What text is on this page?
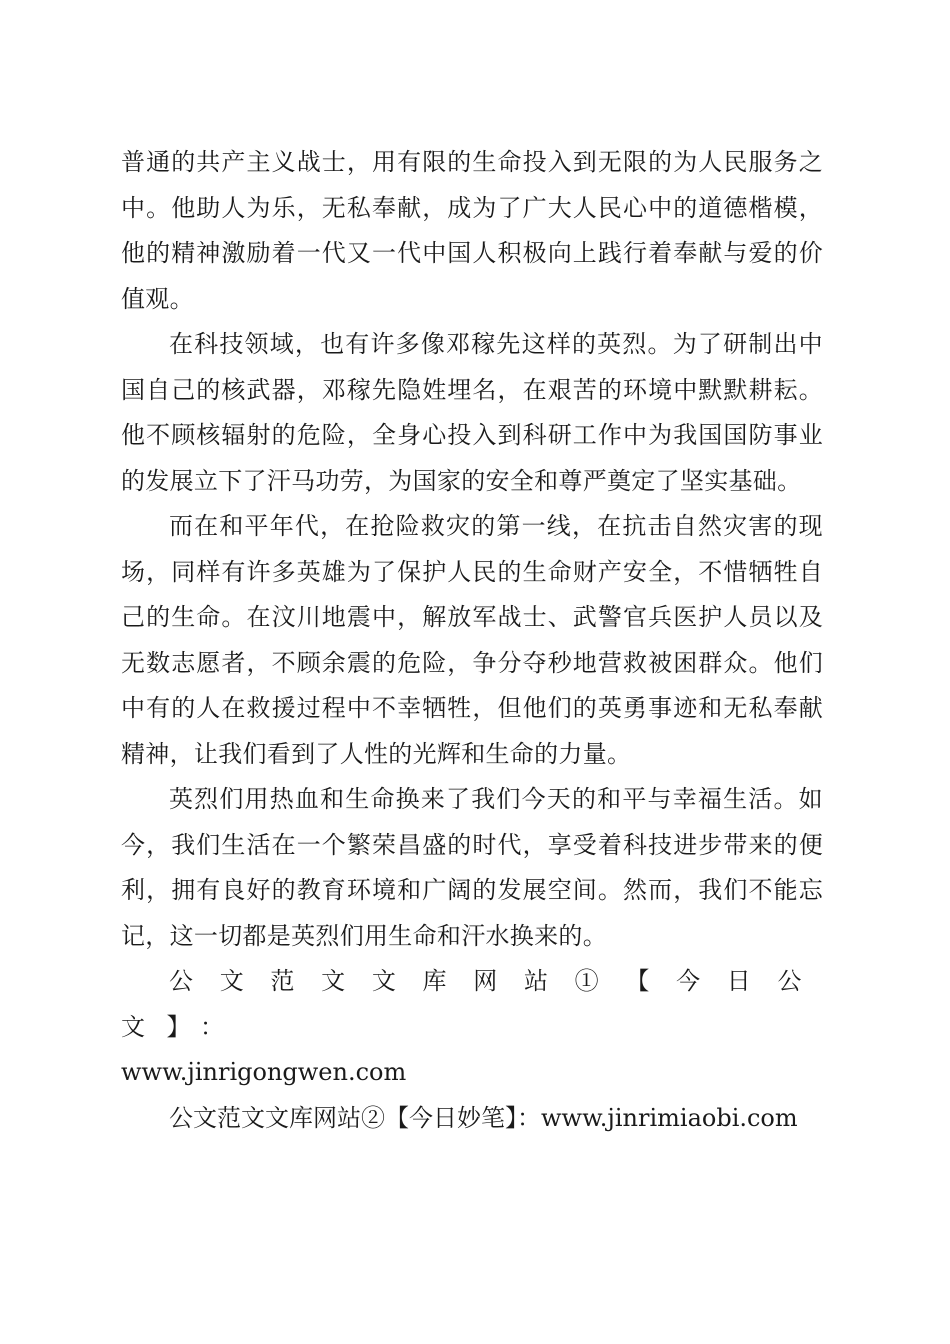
普通的共产主义战士，用有限的生命投入到无限的为人民服务之中。他助人为乐，无私奉献，成为了广大人民心中的道德楷模，他的精神激励着一代又一代中国人积极向上践行着奉献与爱的价值观。

在科技领域，也有许多像邓稼先这样的英烈。为了研制出中国自己的核武器，邓稼先隐姓埋名，在艰苦的环境中默默耕耘。他不顾核辐射的危险，全身心投入到科研工作中为我国国防事业的发展立下了汗马功劳，为国家的安全和尊严奠定了坚实基础。

而在和平年代，在抢险救灾的第一线，在抗击自然灾害的现场，同样有许多英雄为了保护人民的生命财产安全，不惜牺牲自己的生命。在汶川地震中，解放军战士、武警官兵医护人员以及无数志愿者，不顾余震的危险，争分夺秒地营救被困群众。他们中有的人在救援过程中不幸牺牲，但他们的英勇事迹和无私奉献精神，让我们看到了人性的光辉和生命的力量。

英烈们用热血和生命换来了我们今天的和平与幸福生活。如今，我们生活在一个繁荣昌盛的时代，享受着科技进步带来的便利，拥有良好的教育环境和广阔的发展空间。然而，我们不能忘记，这一切都是英烈们用生命和汗水换来的。

公文范文文库网站①【今日公文】：
www.jinrigongwen.com

公文范文文库网站②【今日妙笔】：www.jinrimiaobi.com
